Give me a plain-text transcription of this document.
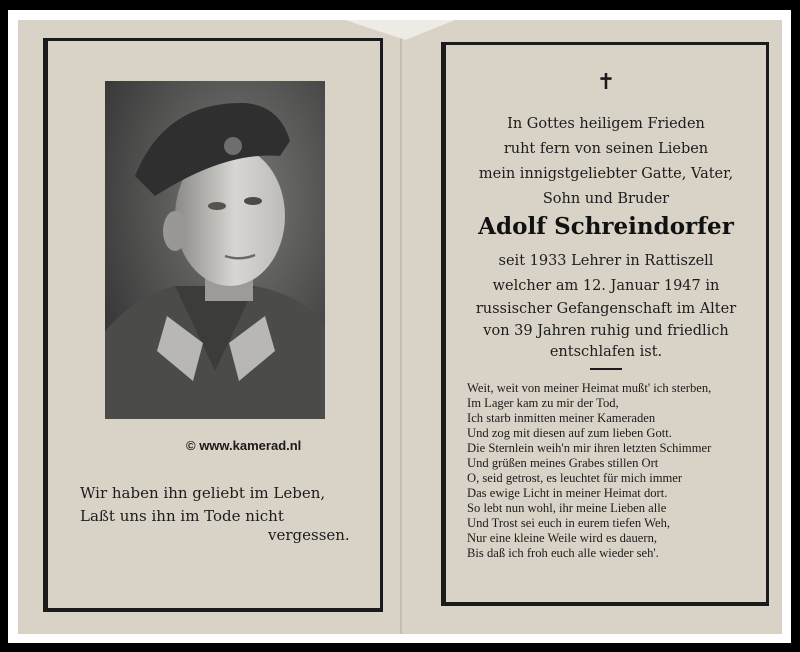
© www.kamerad.nl
Wir haben ihn geliebt im Leben,
Laßt uns ihn im Tode nicht
vergessen.
✝
In Gottes heiligem Frieden
ruht fern von seinen Lieben
mein innigstgeliebter Gatte, Vater,
Sohn und Bruder
Adolf Schreindorfer
seit 1933 Lehrer in Rattiszell
welcher am 12. Januar 1947 in
russischer Gefangenschaft im Alter
von 39 Jahren ruhig und friedlich
entschlafen ist.
Weit, weit von meiner Heimat mußt' ich sterben,
Im Lager kam zu mir der Tod,
Ich starb inmitten meiner Kameraden
Und zog mit diesen auf zum lieben Gott.
Die Sternlein weih'n mir ihren letzten Schimmer
Und grüßen meines Grabes stillen Ort
O, seid getrost, es leuchtet für mich immer
Das ewige Licht in meiner Heimat dort.
So lebt nun wohl, ihr meine Lieben alle
Und Trost sei euch in eurem tiefen Weh,
Nur eine kleine Weile wird es dauern,
Bis daß ich froh euch alle wieder seh'.
